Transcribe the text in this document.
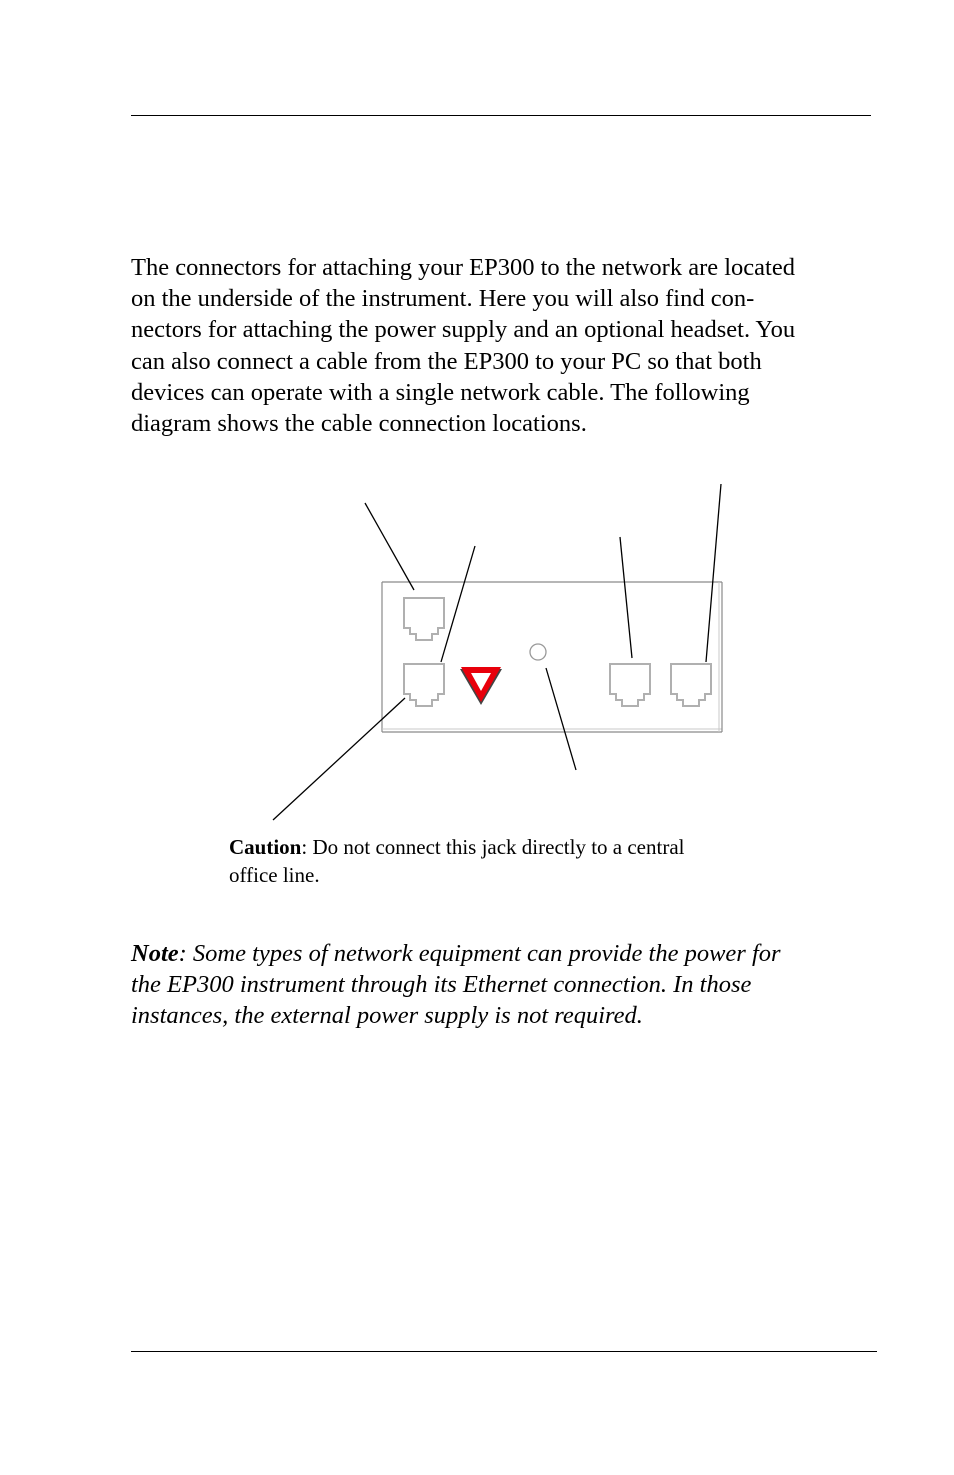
The connectors for attaching your EP300 to the network are located
on the underside of the instrument. Here you will also find con-
nectors for attaching the power supply and an optional headset. You
can also connect a cable from the EP300 to your PC so that both
devices can operate with a single network cable. The following
diagram shows the cable connection locations.

Caution: Do not connect this jack directly to a central
office line.

Note: Some types of network equipment can provide the power for
the EP300 instrument through its Ethernet connection. In those
instances, the external power supply is not required.
